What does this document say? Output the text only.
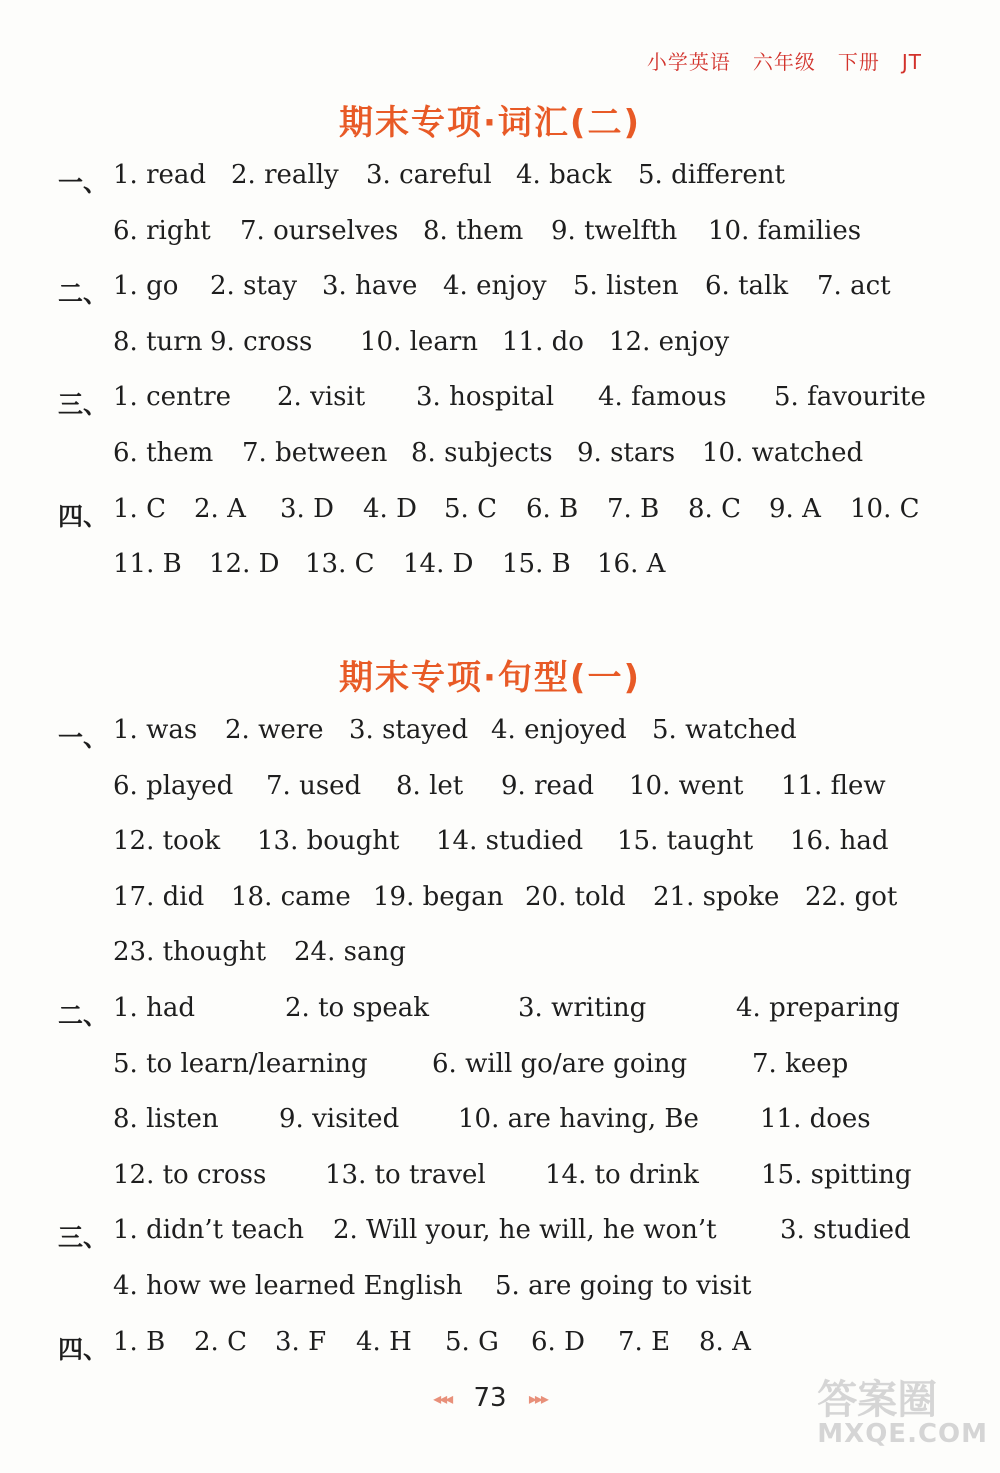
小学英语 六年级 下册 JT
期末专项·词汇(二)
一、 1. read 2. really 3. careful 4. back 5. different
6. right 7. ourselves 8. them 9. twelfth 10. families
二、 1. go 2. stay 3. have 4. enjoy 5. listen 6. talk 7. act
8. turn 9. cross 10. learn 11. do 12. enjoy
三、 1. centre 2. visit 3. hospital 4. famous 5. favourite
6. them 7. between 8. subjects 9. stars 10. watched
四、 1. C 2. A 3. D 4. D 5. C 6. B 7. B 8. C 9. A 10. C
11. B 12. D 13. C 14. D 15. B 16. A
期末专项·句型(一)
一、 1. was 2. were 3. stayed 4. enjoyed 5. watched
6. played 7. used 8. let 9. read 10. went 11. flew
12. took 13. bought 14. studied 15. taught 16. had
17. did 18. came 19. began 20. told 21. spoke 22. got
23. thought 24. sang
二、 1. had	2. to speak	3. writing	4. preparing
5. to learn/learning 6. will go/are going 7. keep
8. listen 9. visited 10. are having, Be 11. does
12. to cross 13. to travel 14. to drink 15. spitting
三、 1. didn’t teach 2. Will your, he will, he won’t 3. studied
4. how we learned English 5. are going to visit
四、 1. B 2. C 3. F 4. H 5. G 6. D 7. E 8. A
◂◂◂ 73 ▸▸▸	答案圈
MXQE.COM
